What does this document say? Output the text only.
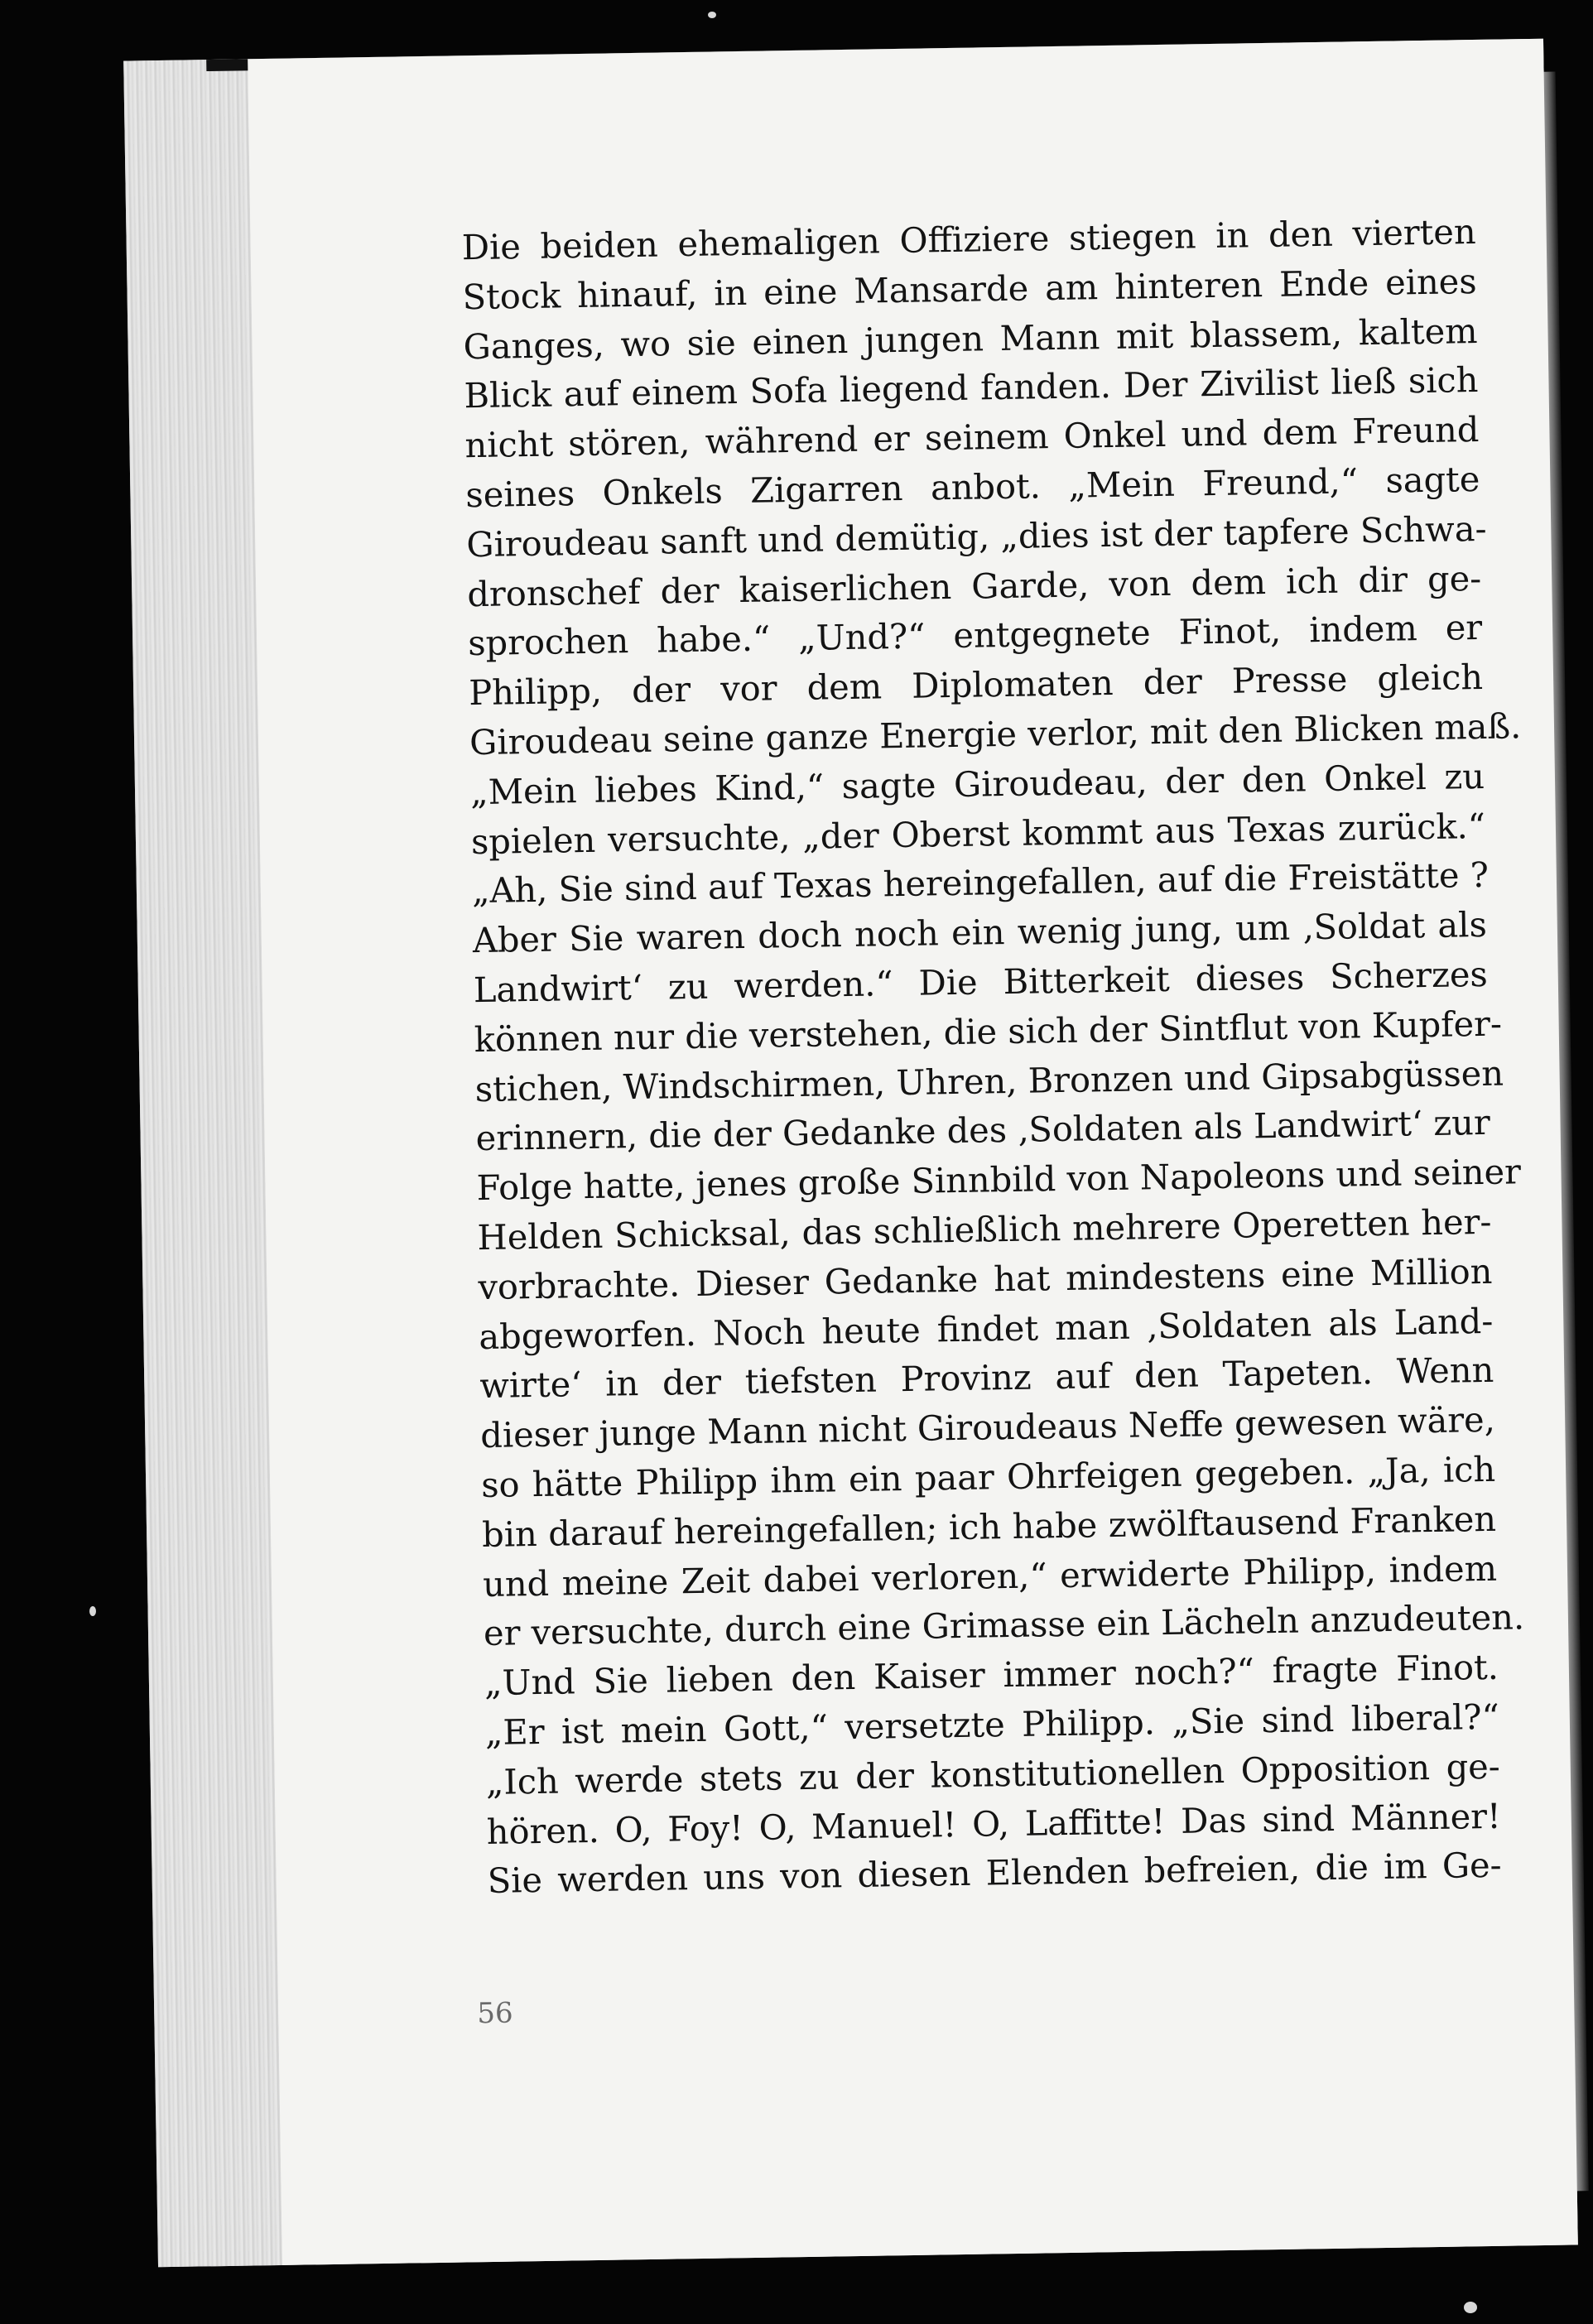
Die beiden ehemaligen Offiziere stiegen in den vierten
Stock hinauf, in eine Mansarde am hinteren Ende eines
Ganges, wo sie einen jungen Mann mit blassem, kaltem
Blick auf einem Sofa liegend fanden. Der Zivilist ließ sich
nicht stören, während er seinem Onkel und dem Freund
seines Onkels Zigarren anbot. „Mein Freund,“ sagte
Giroudeau sanft und demütig, „dies ist der tapfere Schwa-
dronschef der kaiserlichen Garde, von dem ich dir ge-
sprochen habe.“ „Und?“ entgegnete Finot, indem er
Philipp, der vor dem Diplomaten der Presse gleich
Giroudeau seine ganze Energie verlor, mit den Blicken maß.
„Mein liebes Kind,“ sagte Giroudeau, der den Onkel zu
spielen versuchte, „der Oberst kommt aus Texas zurück.“
„Ah, Sie sind auf Texas hereingefallen, auf die Freistätte ?
Aber Sie waren doch noch ein wenig jung, um ‚Soldat als
Landwirt‘ zu werden.“ Die Bitterkeit dieses Scherzes
können nur die verstehen, die sich der Sintflut von Kupfer-
stichen, Windschirmen, Uhren, Bronzen und Gipsabgüssen
erinnern, die der Gedanke des ‚Soldaten als Landwirt‘ zur
Folge hatte, jenes große Sinnbild von Napoleons und seiner
Helden Schicksal, das schließlich mehrere Operetten her-
vorbrachte. Dieser Gedanke hat mindestens eine Million
abgeworfen. Noch heute findet man ‚Soldaten als Land-
wirte‘ in der tiefsten Provinz auf den Tapeten. Wenn
dieser junge Mann nicht Giroudeaus Neffe gewesen wäre,
so hätte Philipp ihm ein paar Ohrfeigen gegeben. „Ja, ich
bin darauf hereingefallen; ich habe zwölftausend Franken
und meine Zeit dabei verloren,“ erwiderte Philipp, indem
er versuchte, durch eine Grimasse ein Lächeln anzudeuten.
„Und Sie lieben den Kaiser immer noch?“ fragte Finot.
„Er ist mein Gott,“ versetzte Philipp. „Sie sind liberal?“
„Ich werde stets zu der konstitutionellen Opposition ge-
hören. O, Foy! O, Manuel! O, Laffitte! Das sind Männer!
Sie werden uns von diesen Elenden befreien, die im Ge-
56
